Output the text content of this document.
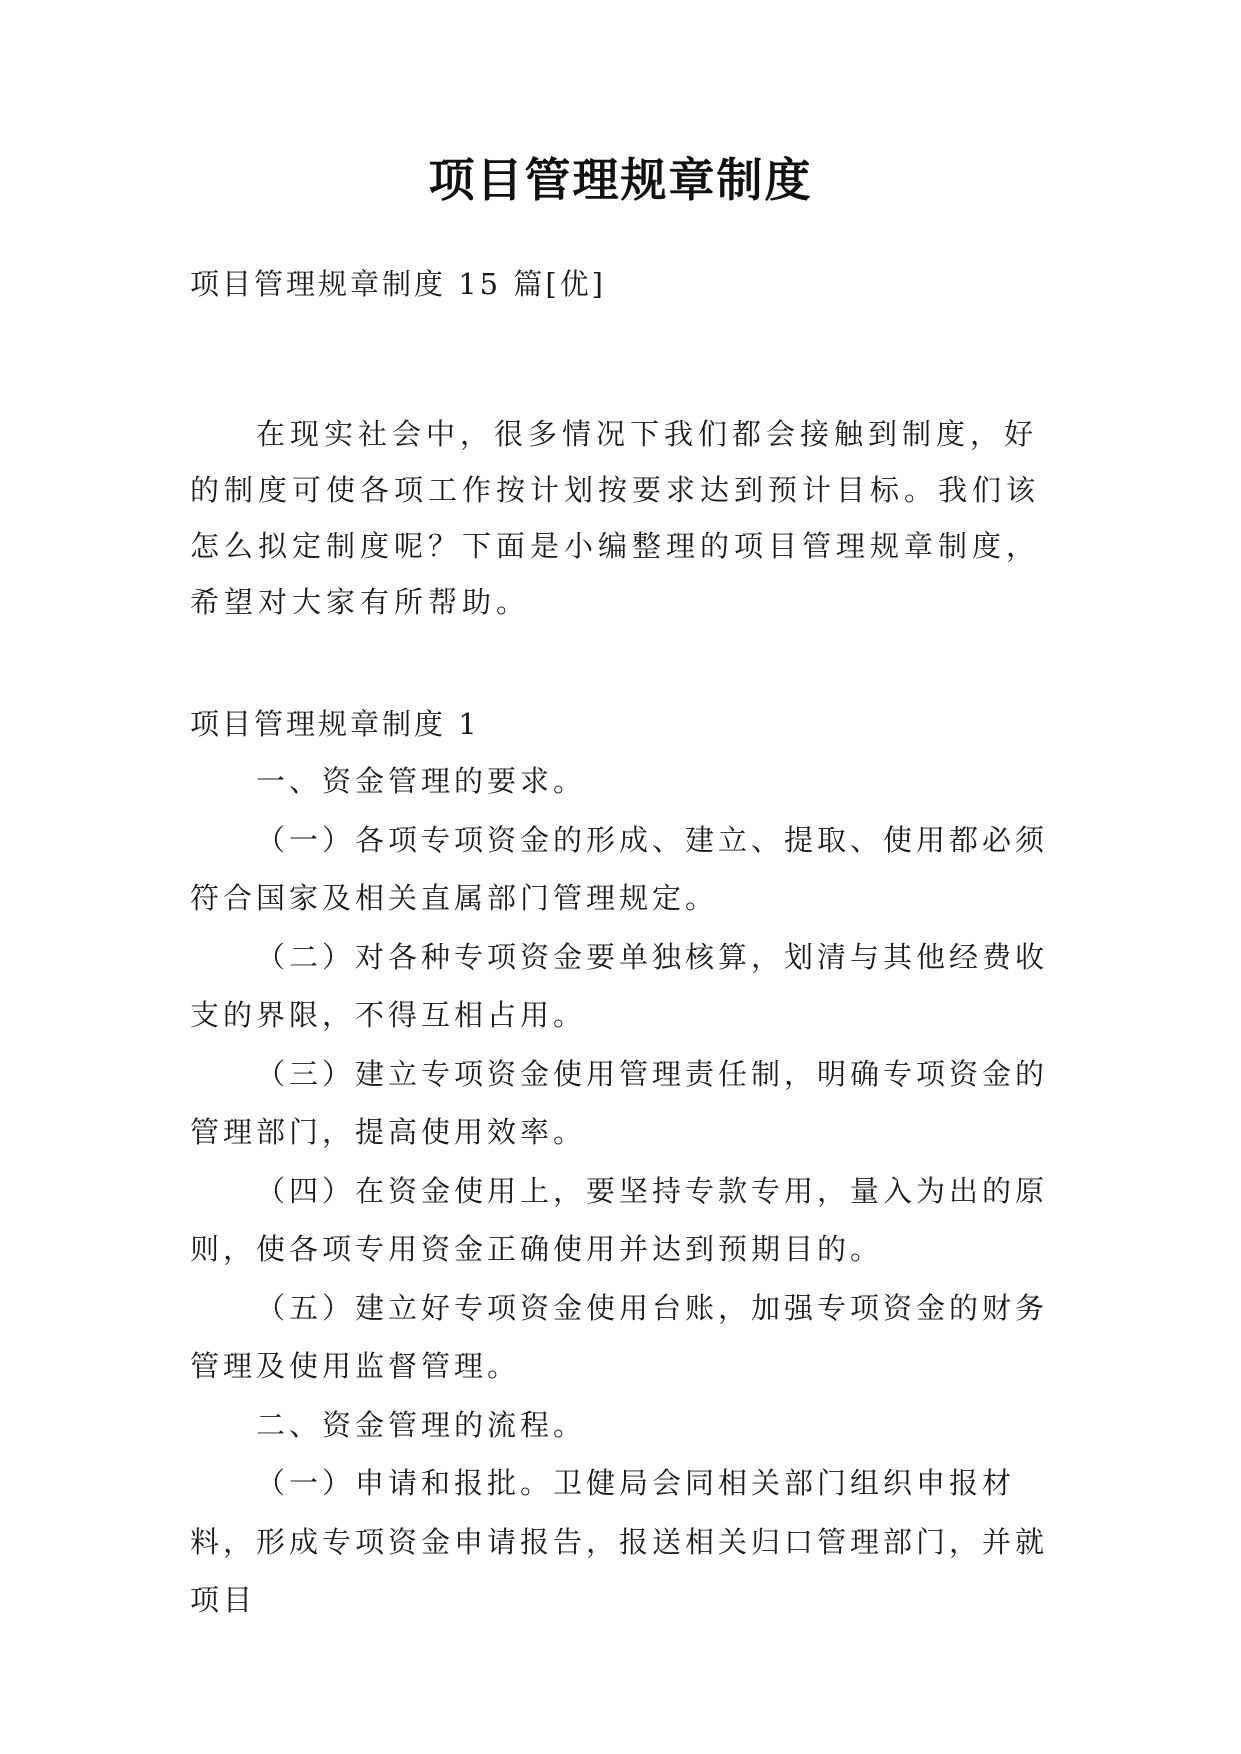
项目管理规章制度
项目管理规章制度 15 篇[优]

在现实社会中，很多情况下我们都会接触到制度，好的制度可使各项工作按计划按要求达到预计目标。我们该怎么拟定制度呢？下面是小编整理的项目管理规章制度，希望对大家有所帮助。

项目管理规章制度 1

一、资金管理的要求。

（一）各项专项资金的形成、建立、提取、使用都必须符合国家及相关直属部门管理规定。

（二）对各种专项资金要单独核算，划清与其他经费收支的界限，不得互相占用。

（三）建立专项资金使用管理责任制，明确专项资金的管理部门，提高使用效率。

（四）在资金使用上，要坚持专款专用，量入为出的原则，使各项专用资金正确使用并达到预期目的。

（五）建立好专项资金使用台账，加强专项资金的财务管理及使用监督管理。

二、资金管理的流程。

（一）申请和报批。卫健局会同相关部门组织申报材料，形成专项资金申请报告，报送相关归口管理部门，并就项目
